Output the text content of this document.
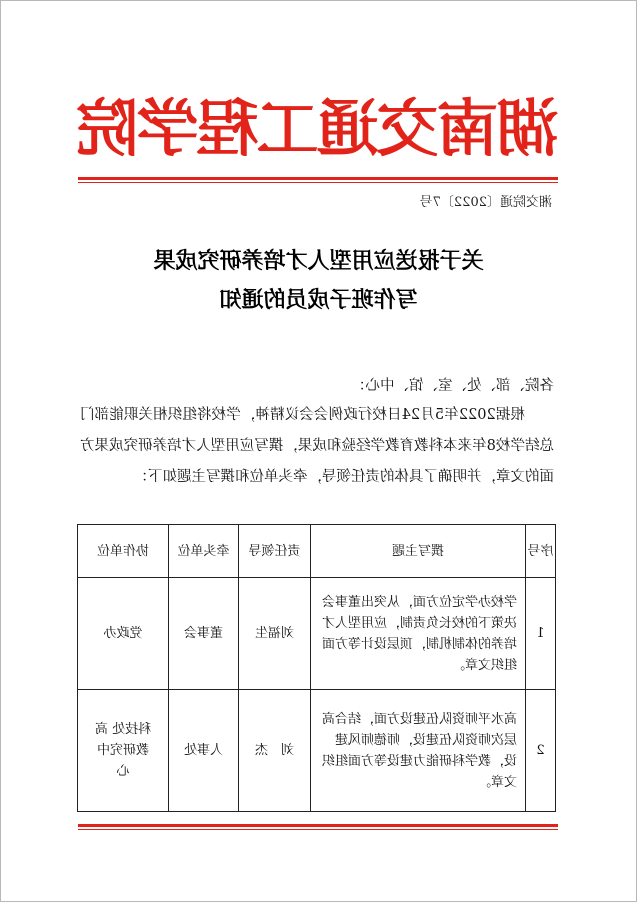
湖南交通工程学院
湘交院通〔2022〕7号
关于报送应用型人才培养研究成果
写作班子成员的通知
各院、部、处、室、馆、中心：
根据2022年5月24日校行政例会会议精神，学校将组织相关职能部门总结学校8年来本科教育教学经验和成果，撰写应用型人才培养研究成果方面的文章，并明确了具体的责任领导，牵头单位和撰写主题如下：
序号	撰写主题	责任领导	牵头单位	协作单位
1	学校办学定位方面，从突出董事会决策下的校长负责制，应用型人才培养的体制机制，顶层设计等方面组织文章。	刘福生	董事会	党政办
2	高水平师资队伍建设方面，结合高层次师资队伍建设，师德师风建设，教学科研能力建设等方面组织文章。	刘　杰	人事处	科技处 高教研究中心
